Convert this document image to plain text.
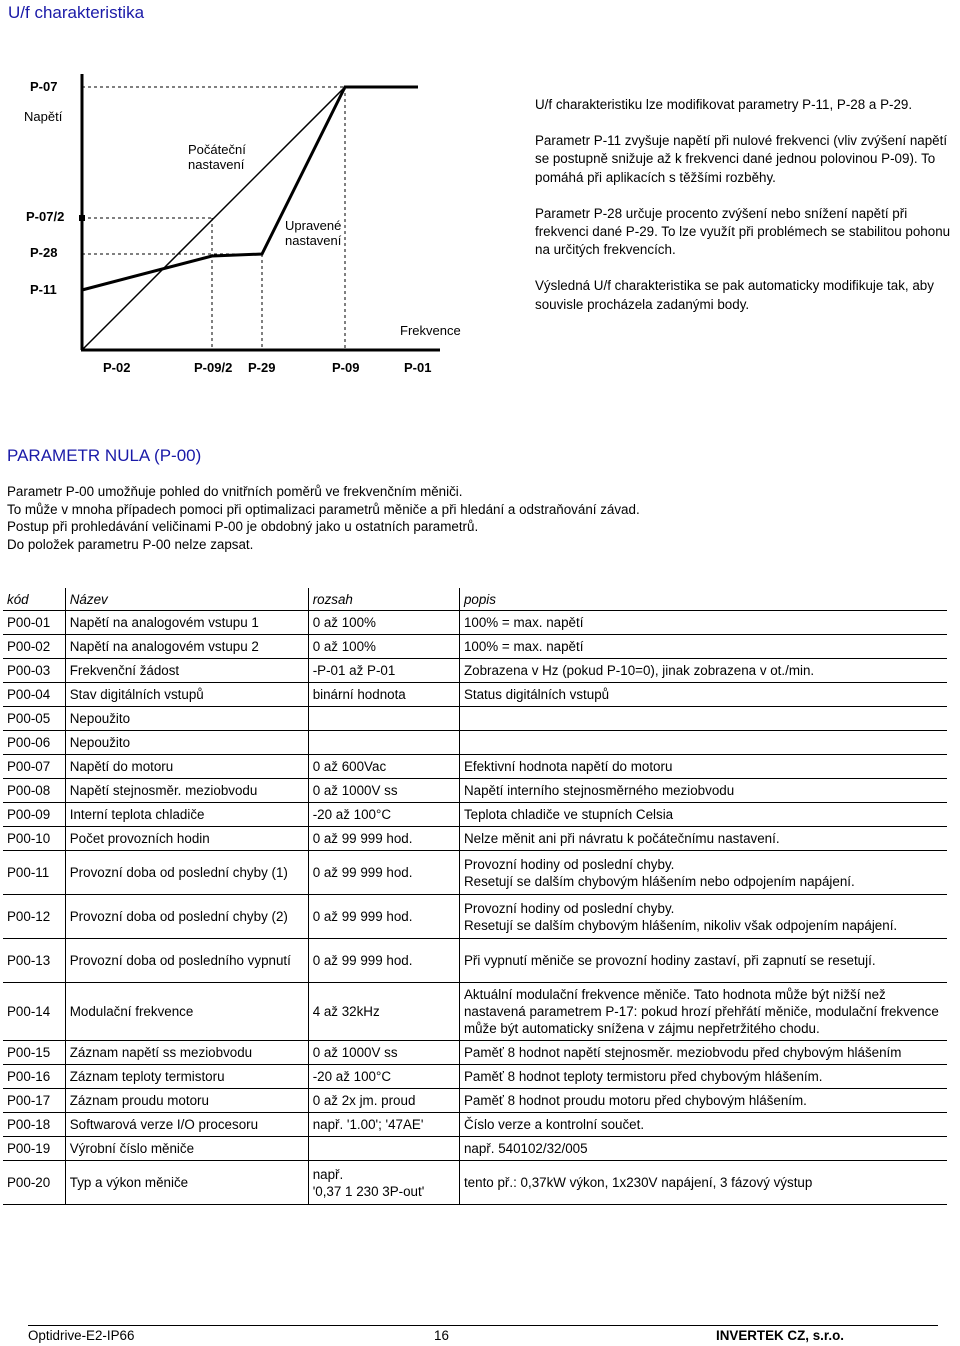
U/f charakteristika
P-07
Napětí
P-07/2
P-28
P-11
Počáteční
nastavení
Upravené
nastavení
Frekvence
P-02	P-09/2 P-29	P-09	P-01

U/f charakteristiku lze modifikovat parametry P-11, P-28 a P-29.

Parametr P-11 zvyšuje napětí při nulové frekvenci (vliv zvýšení napětí se postupně snižuje až k frekvenci dané jednou polovinou P-09). To pomáhá při aplikacích s těžšími rozběhy.

Parametr P-28 určuje procento zvýšení nebo snížení napětí při frekvenci dané P-29. To lze využít při problémech se stabilitou pohonu na určitých frekvencích.

Výsledná U/f charakteristika se pak automaticky modifikuje tak, aby souvisle procházela zadanými body.

PARAMETR NULA (P-00)
Parametr P-00 umožňuje pohled do vnitřních poměrů ve frekvenčním měniči.
To může v mnoha případech pomoci při optimalizaci parametrů měniče a při hledání a odstraňování závad.
Postup při prohledávání veličinami P-00 je obdobný jako u ostatních parametrů.
Do položek parametru P-00 nelze zapsat.
kód	Název	rozsah	popis
P00-01	Napětí na analogovém vstupu 1	0 až 100%	100% = max. napětí
P00-02	Napětí na analogovém vstupu 2	0 až 100%	100% = max. napětí
P00-03	Frekvenční žádost	-P-01 až P-01	Zobrazena v Hz (pokud P-10=0), jinak zobrazena v ot./min.
P00-04	Stav digitálních vstupů	binární hodnota	Status digitálních vstupů
P00-05	Nepoužito		
P00-06	Nepoužito		
P00-07	Napětí do motoru	0 až 600Vac	Efektivní hodnota napětí do motoru
P00-08	Napětí stejnosměr. meziobvodu	0 až 1000V ss	Napětí interního stejnosměrného meziobvodu
P00-09	Interní teplota chladiče	-20 až 100°C	Teplota chladiče ve stupních Celsia
P00-10	Počet provozních hodin	0 až 99 999 hod.	Nelze měnit ani při návratu k počátečnímu nastavení.
P00-11	Provozní doba od poslední chyby (1)	0 až 99 999 hod.	Provozní hodiny od poslední chyby.
Resetují se dalším chybovým hlášením nebo odpojením napájení.
P00-12	Provozní doba od poslední chyby (2)	0 až 99 999 hod.	Provozní hodiny od poslední chyby.
Resetují se dalším chybovým hlášením, nikoliv však odpojením napájení.
P00-13	Provozní doba od posledního vypnutí	0 až 99 999 hod.	Při vypnutí měniče se provozní hodiny zastaví, při zapnutí se resetují.
P00-14	Modulační frekvence	4 až 32kHz	Aktuální modulační frekvence měniče. Tato hodnota může být nižší než nastavená parametrem P-17: pokud hrozí přehřátí měniče, modulační frekvence může být automaticky snížena v zájmu nepřetržitého chodu.
P00-15	Záznam napětí ss meziobvodu	0 až 1000V ss	Paměť 8 hodnot napětí stejnosměr. meziobvodu před chybovým hlášením
P00-16	Záznam teploty termistoru	-20 až 100°C	Paměť 8 hodnot teploty termistoru před chybovým hlášením.
P00-17	Záznam proudu motoru	0 až 2x jm. proud	Paměť 8 hodnot proudu motoru před chybovým hlášením.
P00-18	Softwarová verze I/O procesoru	např. '1.00'; '47AE'	Číslo verze a kontrolní součet.
P00-19	Výrobní číslo měniče		např. 540102/32/005
P00-20	Typ a výkon měniče	např.
'0,37 1 230 3P-out'	tento př.: 0,37kW výkon, 1x230V napájení, 3 fázový výstup
Optidrive-E2-IP66	16	INVERTEK CZ, s.r.o.
